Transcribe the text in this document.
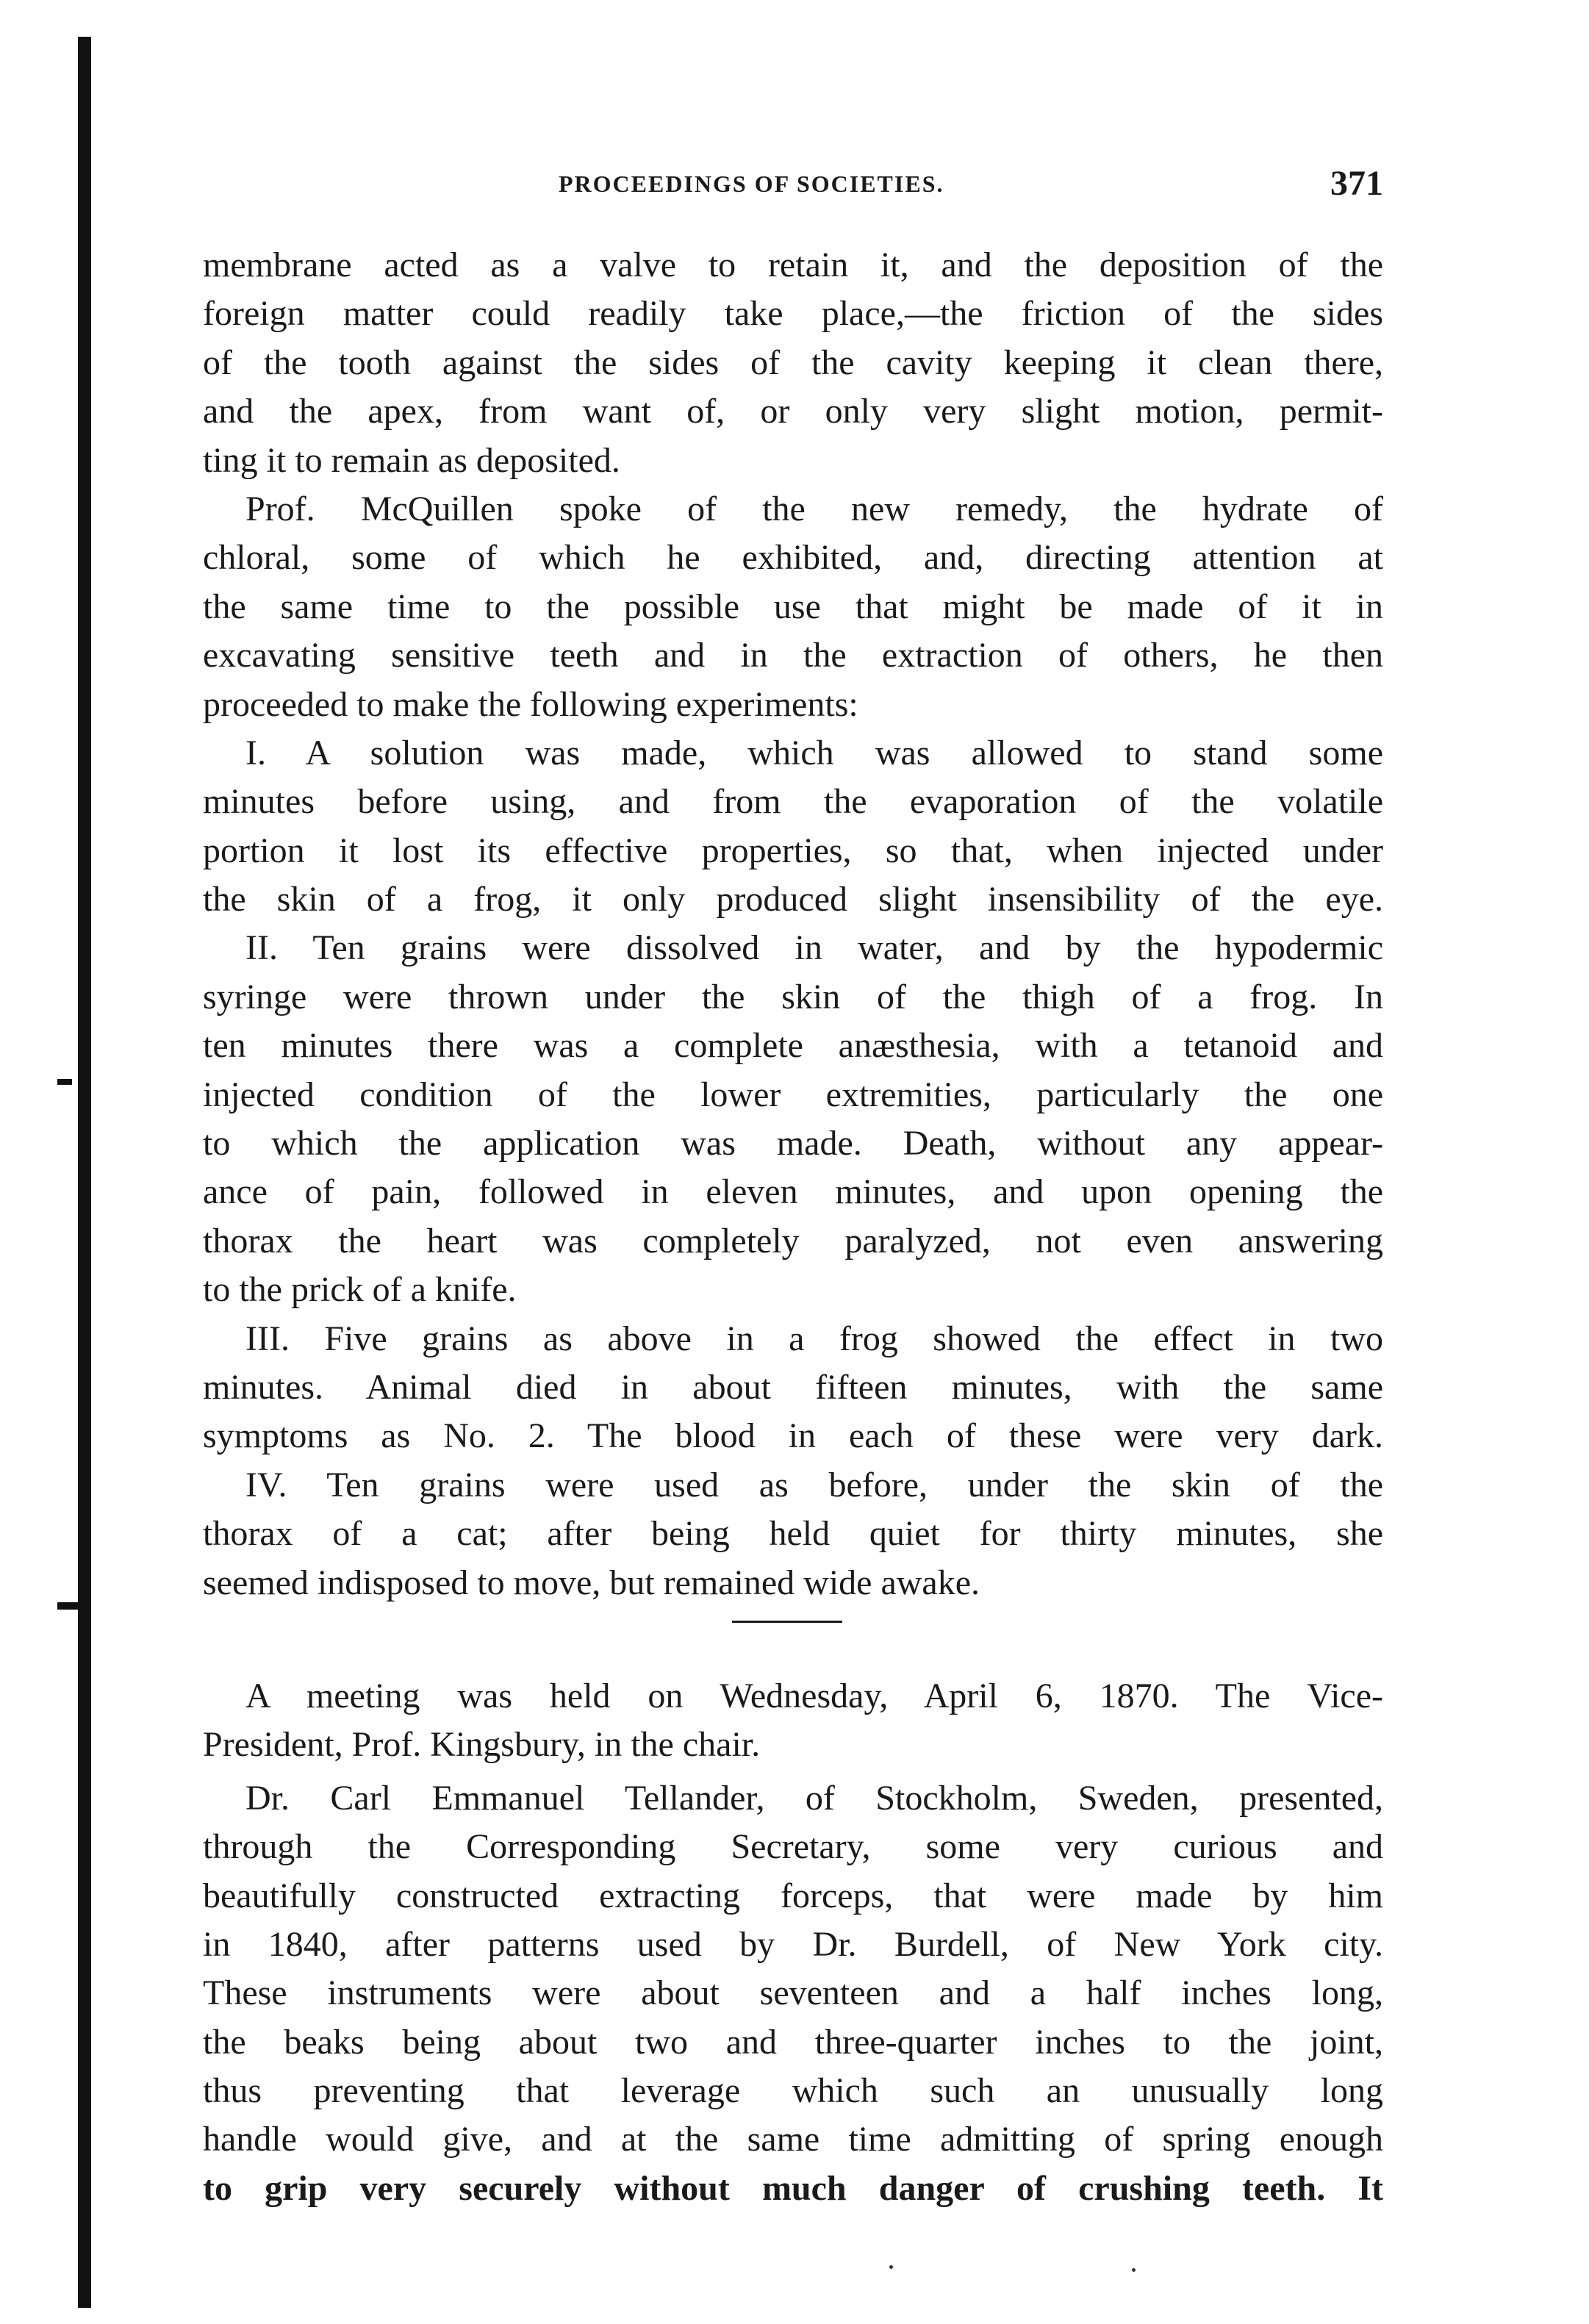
PROCEEDINGS OF SOCIETIES.	371
membrane acted as a valve to retain it, and the deposition of the
foreign matter could readily take place,—the friction of the sides
of the tooth against the sides of the cavity keeping it clean there,
and the apex, from want of, or only very slight motion, permit-
ting it to remain as deposited.
Prof. McQuillen spoke of the new remedy, the hydrate of
chloral, some of which he exhibited, and, directing attention at
the same time to the possible use that might be made of it in
excavating sensitive teeth and in the extraction of others, he then
proceeded to make the following experiments:
I. A solution was made, which was allowed to stand some
minutes before using, and from the evaporation of the volatile
portion it lost its effective properties, so that, when injected under
the skin of a frog, it only produced slight insensibility of the eye.
II. Ten grains were dissolved in water, and by the hypodermic
syringe were thrown under the skin of the thigh of a frog. In
ten minutes there was a complete anæsthesia, with a tetanoid and
injected condition of the lower extremities, particularly the one
to which the application was made. Death, without any appear-
ance of pain, followed in eleven minutes, and upon opening the
thorax the heart was completely paralyzed, not even answering
to the prick of a knife.
III. Five grains as above in a frog showed the effect in two
minutes. Animal died in about fifteen minutes, with the same
symptoms as No. 2. The blood in each of these were very dark.
IV. Ten grains were used as before, under the skin of the
thorax of a cat; after being held quiet for thirty minutes, she
seemed indisposed to move, but remained wide awake.
A meeting was held on Wednesday, April 6, 1870. The Vice-
President, Prof. Kingsbury, in the chair.
Dr. Carl Emmanuel Tellander, of Stockholm, Sweden, presented,
through the Corresponding Secretary, some very curious and
beautifully constructed extracting forceps, that were made by him
in 1840, after patterns used by Dr. Burdell, of New York city.
These instruments were about seventeen and a half inches long,
the beaks being about two and three-quarter inches to the joint,
thus preventing that leverage which such an unusually long
handle would give, and at the same time admitting of spring enough
to grip very securely without much danger of crushing teeth. It
